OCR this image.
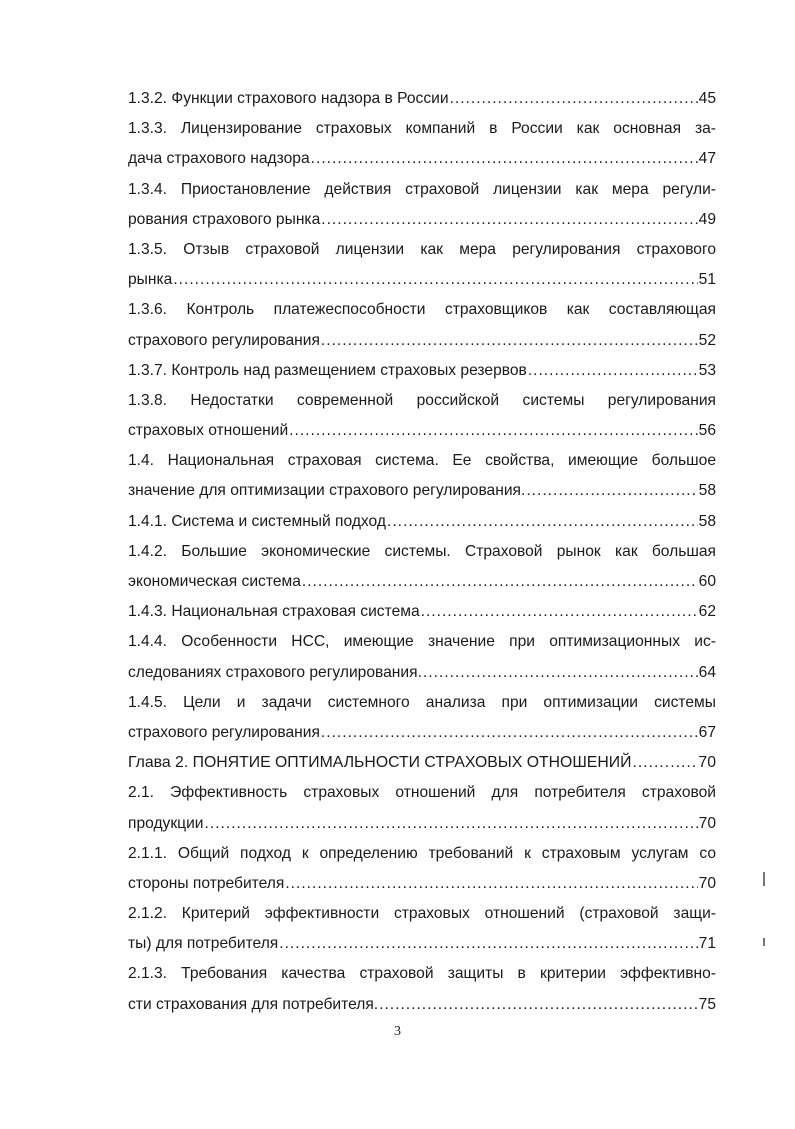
1.3.2. Функции страхового надзора в России .....	45
1.3.3. Лицензирование страховых компаний в России как основная за-
дача страхового надзора .....	47
1.3.4. Приостановление действия страховой лицензии как мера регули-
рования страхового рынка .....	49
1.3.5. Отзыв страховой лицензии как мера регулирования страхового
рынка .....	51
1.3.6. Контроль платежеспособности страховщиков как составляющая
страхового регулирования .....	52
1.3.7. Контроль над размещением страховых резервов .....	53
1.3.8. Недостатки современной российской системы регулирования
страховых отношений .....	56
1.4. Национальная страховая система. Ее свойства, имеющие большое
значение для оптимизации страхового регулирования. .....	58
1.4.1. Система и системный подход .....	58
1.4.2. Большие экономические системы. Страховой рынок как большая
экономическая система .....	60
1.4.3. Национальная страховая система .....	62
1.4.4. Особенности НСС, имеющие значение при оптимизационных ис-
следованиях страхового регулирования. .....	64
1.4.5. Цели и задачи системного анализа при оптимизации системы
страхового регулирования .....	67
Глава 2. ПОНЯТИЕ ОПТИМАЛЬНОСТИ СТРАХОВЫХ ОТНОШЕНИЙ .....	70
2.1. Эффективность страховых отношений для потребителя страховой
продукции .....	70
2.1.1. Общий подход к определению требований к страховым услугам со
стороны потребителя .....	70
2.1.2. Критерий эффективности страховых отношений (страховой защи-
ты) для потребителя .....	71
2.1.3. Требования качества страховой защиты в критерии эффективно-
сти страхования для потребителя. .....	75
3
